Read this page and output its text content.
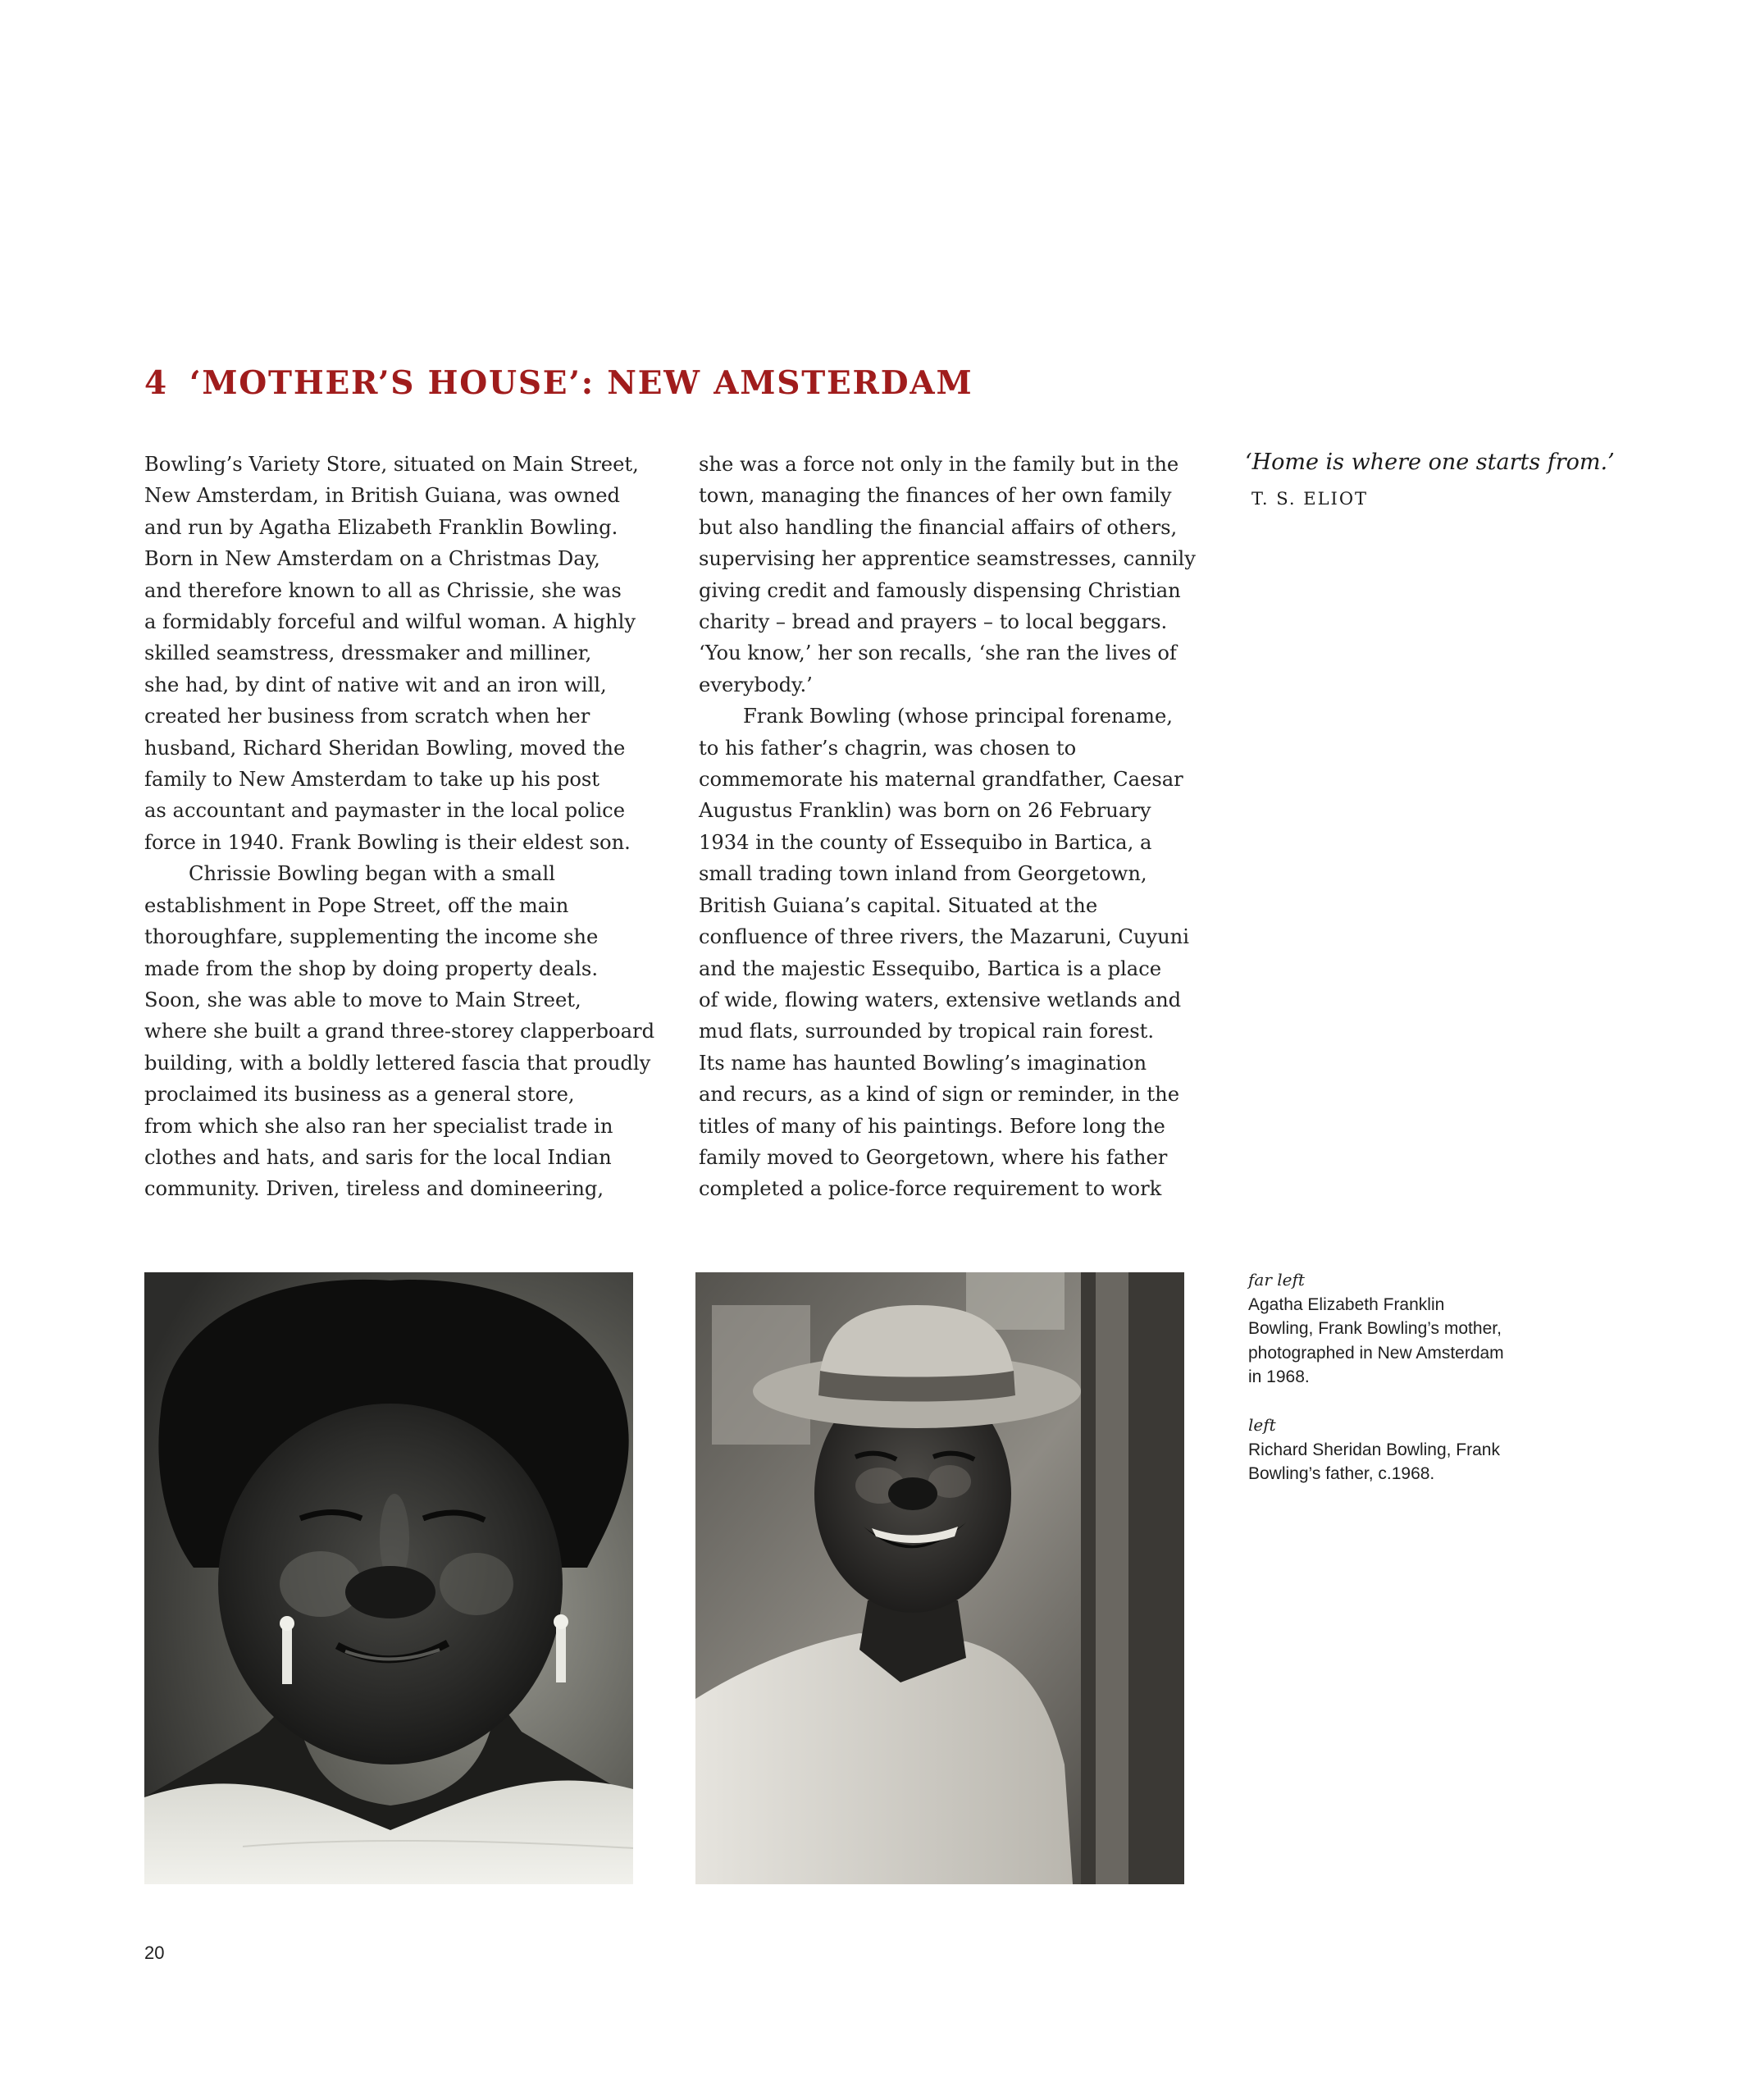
4 ‘MOTHER’S HOUSE’: NEW AMSTERDAM
Bowling’s Variety Store, situated on Main Street,
New Amsterdam, in British Guiana, was owned
and run by Agatha Elizabeth Franklin Bowling.
Born in New Amsterdam on a Christmas Day,
and therefore known to all as Chrissie, she was
a formidably forceful and wilful woman. A highly
skilled seamstress, dressmaker and milliner,
she had, by dint of native wit and an iron will,
created her business from scratch when her
husband, Richard Sheridan Bowling, moved the
family to New Amsterdam to take up his post
as accountant and paymaster in the local police
force in 1940. Frank Bowling is their eldest son.
Chrissie Bowling began with a small
establishment in Pope Street, off the main
thoroughfare, supplementing the income she
made from the shop by doing property deals.
Soon, she was able to move to Main Street,
where she built a grand three-storey clapperboard
building, with a boldly lettered fascia that proudly
proclaimed its business as a general store,
from which she also ran her specialist trade in
clothes and hats, and saris for the local Indian
community. Driven, tireless and domineering,
she was a force not only in the family but in the
town, managing the finances of her own family
but also handling the financial affairs of others,
supervising her apprentice seamstresses, cannily
giving credit and famously dispensing Christian
charity – bread and prayers – to local beggars.
‘You know,’ her son recalls, ‘she ran the lives of
everybody.’
Frank Bowling (whose principal forename,
to his father’s chagrin, was chosen to
commemorate his maternal grandfather, Caesar
Augustus Franklin) was born on 26 February
1934 in the county of Essequibo in Bartica, a
small trading town inland from Georgetown,
British Guiana’s capital. Situated at the
confluence of three rivers, the Mazaruni, Cuyuni
and the majestic Essequibo, Bartica is a place
of wide, flowing waters, extensive wetlands and
mud flats, surrounded by tropical rain forest.
Its name has haunted Bowling’s imagination
and recurs, as a kind of sign or reminder, in the
titles of many of his paintings. Before long the
family moved to Georgetown, where his father
completed a police-force requirement to work
‘Home is where one starts from.’
T. S. ELIOT
far left
Agatha Elizabeth Franklin
Bowling, Frank Bowling’s mother,
photographed in New Amsterdam
in 1968.
left
Richard Sheridan Bowling, Frank
Bowling’s father, c.1968.
20
